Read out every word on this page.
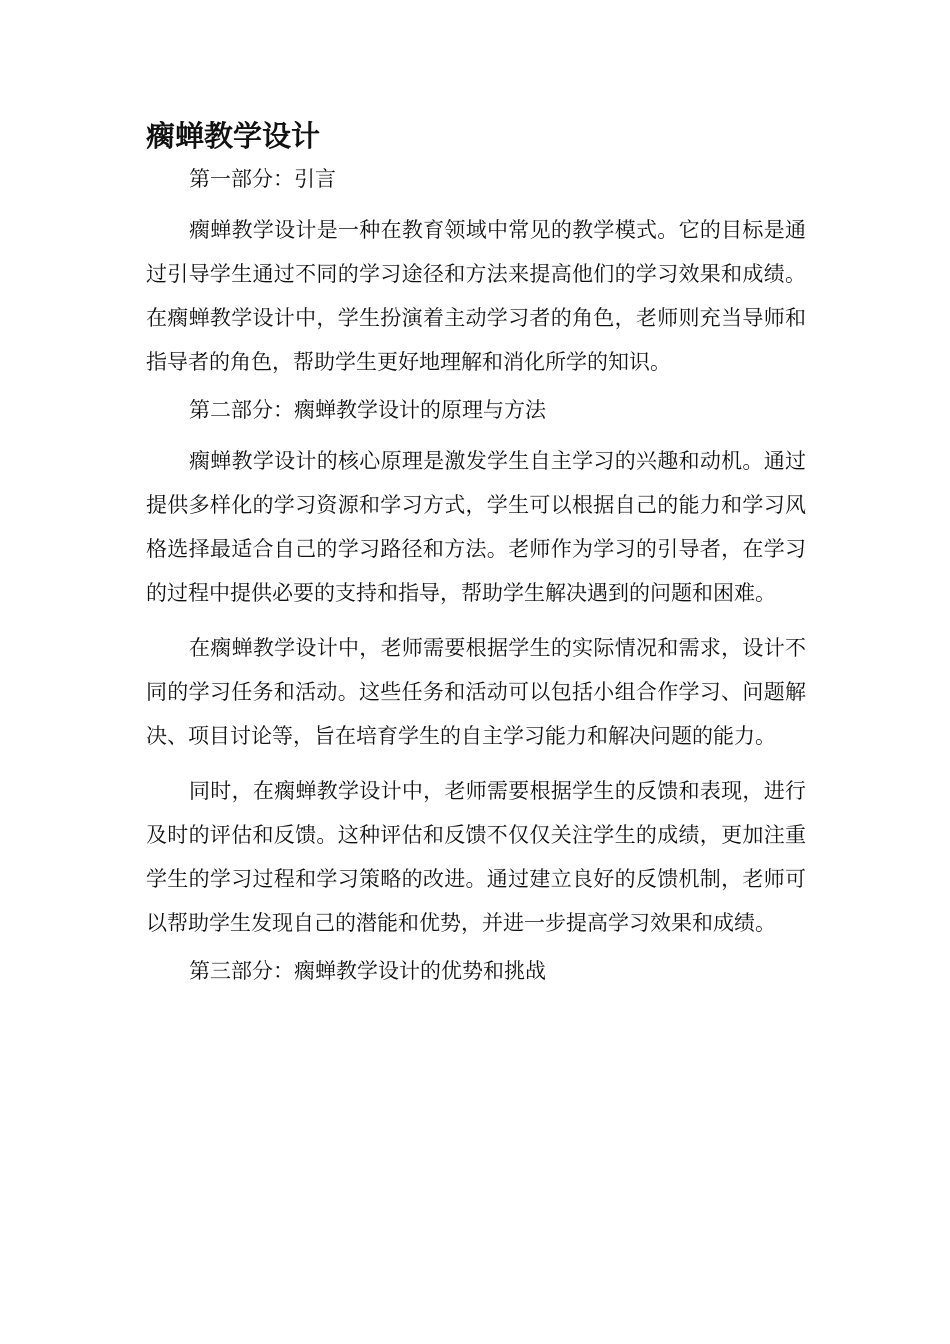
瘸蝉教学设计

第一部分：引言

瘸蝉教学设计是一种在教育领域中常见的教学模式。它的目标是通过引导学生通过不同的学习途径和方法来提高他们的学习效果和成绩。在瘸蝉教学设计中，学生扮演着主动学习者的角色，老师则充当导师和指导者的角色，帮助学生更好地理解和消化所学的知识。

第二部分：瘸蝉教学设计的原理与方法

瘸蝉教学设计的核心原理是激发学生自主学习的兴趣和动机。通过提供多样化的学习资源和学习方式，学生可以根据自己的能力和学习风格选择最适合自己的学习路径和方法。老师作为学习的引导者，在学习的过程中提供必要的支持和指导，帮助学生解决遇到的问题和困难。

在瘸蝉教学设计中，老师需要根据学生的实际情况和需求，设计不同的学习任务和活动。这些任务和活动可以包括小组合作学习、问题解决、项目讨论等，旨在培育学生的自主学习能力和解决问题的能力。

同时，在瘸蝉教学设计中，老师需要根据学生的反馈和表现，进行及时的评估和反馈。这种评估和反馈不仅仅关注学生的成绩，更加注重学生的学习过程和学习策略的改进。通过建立良好的反馈机制，老师可以帮助学生发现自己的潜能和优势，并进一步提高学习效果和成绩。

第三部分：瘸蝉教学设计的优势和挑战
